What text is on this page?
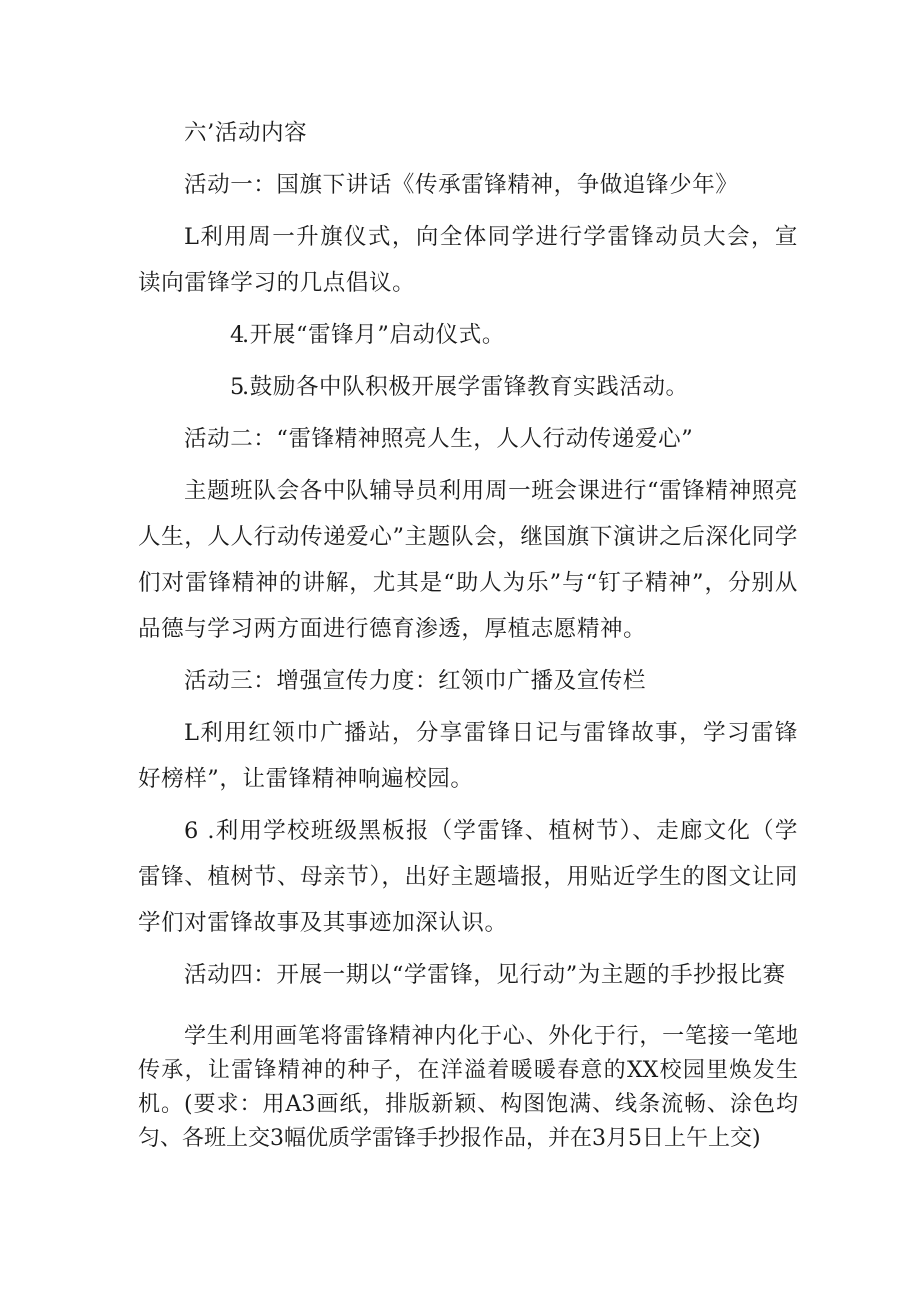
六’活动内容

活动一：国旗下讲话《传承雷锋精神，争做追锋少年》

L利用周一升旗仪式，向全体同学进行学雷锋动员大会，宣读向雷锋学习的几点倡议。

4.开展“雷锋月”启动仪式。

5.鼓励各中队积极开展学雷锋教育实践活动。

活动二：“雷锋精神照亮人生，人人行动传递爱心”

主题班队会各中队辅导员利用周一班会课进行“雷锋精神照亮人生，人人行动传递爱心”主题队会，继国旗下演讲之后深化同学们对雷锋精神的讲解，尤其是“助人为乐”与“钉子精神”，分别从品德与学习两方面进行德育渗透，厚植志愿精神。

活动三：增强宣传力度：红领巾广播及宣传栏

L利用红领巾广播站，分享雷锋日记与雷锋故事，学习雷锋好榜样”，让雷锋精神响遍校园。

6 .利用学校班级黑板报（学雷锋、植树节）、走廊文化（学雷锋、植树节、母亲节），出好主题墙报，用贴近学生的图文让同学们对雷锋故事及其事迹加深认识。

活动四：开展一期以“学雷锋，见行动”为主题的手抄报比赛

学生利用画笔将雷锋精神内化于心、外化于行，一笔接一笔地传承，让雷锋精神的种子，在洋溢着暖暖春意的XX校园里焕发生机。(要求：用A3画纸，排版新颖、构图饱满、线条流畅、涂色均匀、各班上交3幅优质学雷锋手抄报作品，并在3月5日上午上交)
